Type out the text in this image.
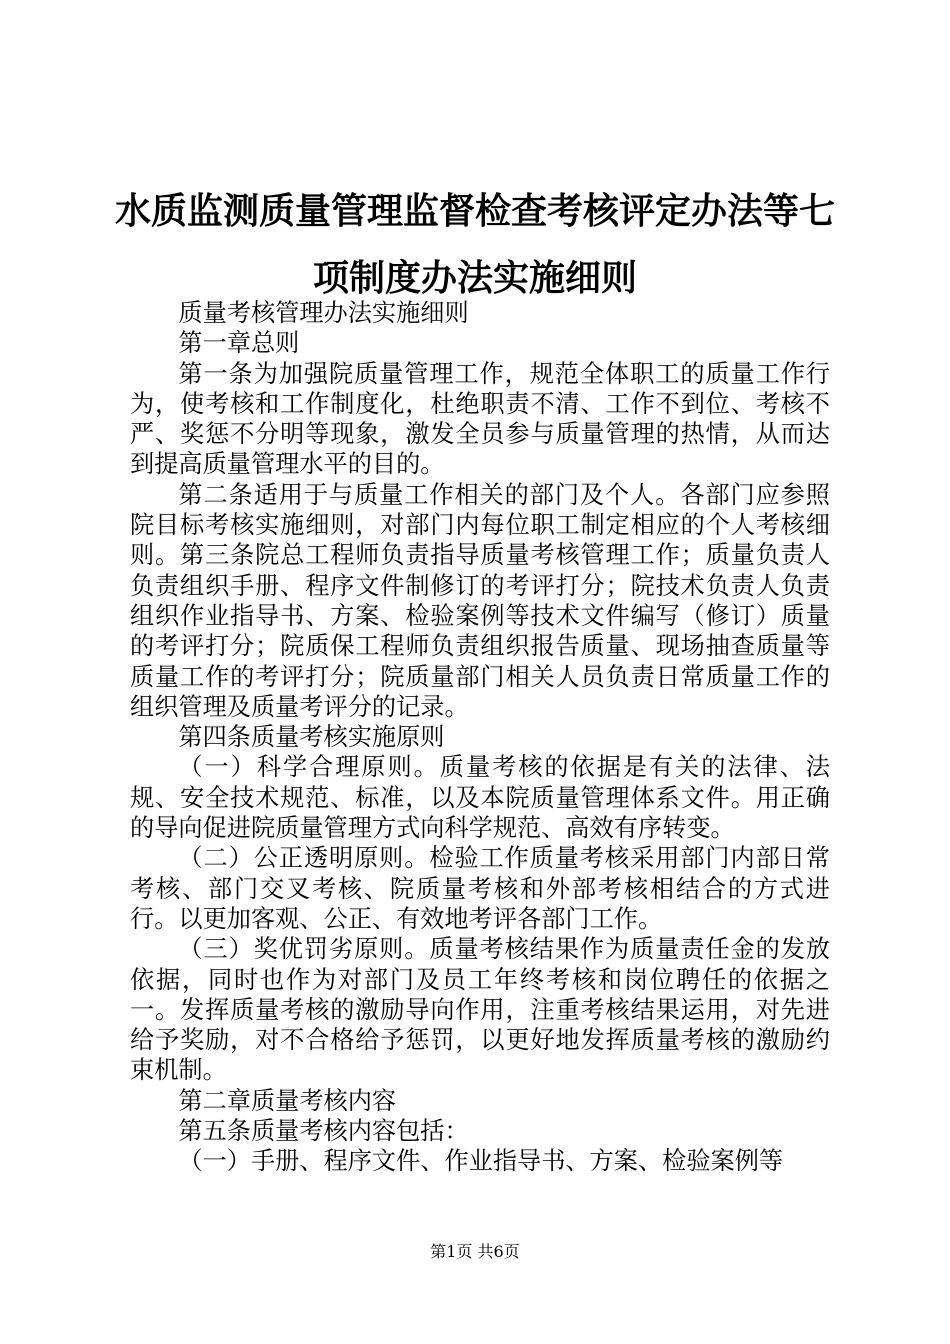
水质监测质量管理监督检查考核评定办法等七项制度办法实施细则

质量考核管理办法实施细则

第一章总则

第一条为加强院质量管理工作，规范全体职工的质量工作行为，使考核和工作制度化，杜绝职责不清、工作不到位、考核不严、奖惩不分明等现象，激发全员参与质量管理的热情，从而达到提高质量管理水平的目的。

第二条适用于与质量工作相关的部门及个人。各部门应参照院目标考核实施细则，对部门内每位职工制定相应的个人考核细则。第三条院总工程师负责指导质量考核管理工作；质量负责人负责组织手册、程序文件制修订的考评打分；院技术负责人负责组织作业指导书、方案、检验案例等技术文件编写（修订）质量的考评打分；院质保工程师负责组织报告质量、现场抽查质量等质量工作的考评打分；院质量部门相关人员负责日常质量工作的组织管理及质量考评分的记录。

第四条质量考核实施原则

（一）科学合理原则。质量考核的依据是有关的法律、法规、安全技术规范、标准，以及本院质量管理体系文件。用正确的导向促进院质量管理方式向科学规范、高效有序转变。

（二）公正透明原则。检验工作质量考核采用部门内部日常考核、部门交叉考核、院质量考核和外部考核相结合的方式进行。以更加客观、公正、有效地考评各部门工作。

（三）奖优罚劣原则。质量考核结果作为质量责任金的发放依据，同时也作为对部门及员工年终考核和岗位聘任的依据之一。发挥质量考核的激励导向作用，注重考核结果运用，对先进给予奖励，对不合格给予惩罚，以更好地发挥质量考核的激励约束机制。

第二章质量考核内容

第五条质量考核内容包括：

（一）手册、程序文件、作业指导书、方案、检验案例等

第1页 共6页
